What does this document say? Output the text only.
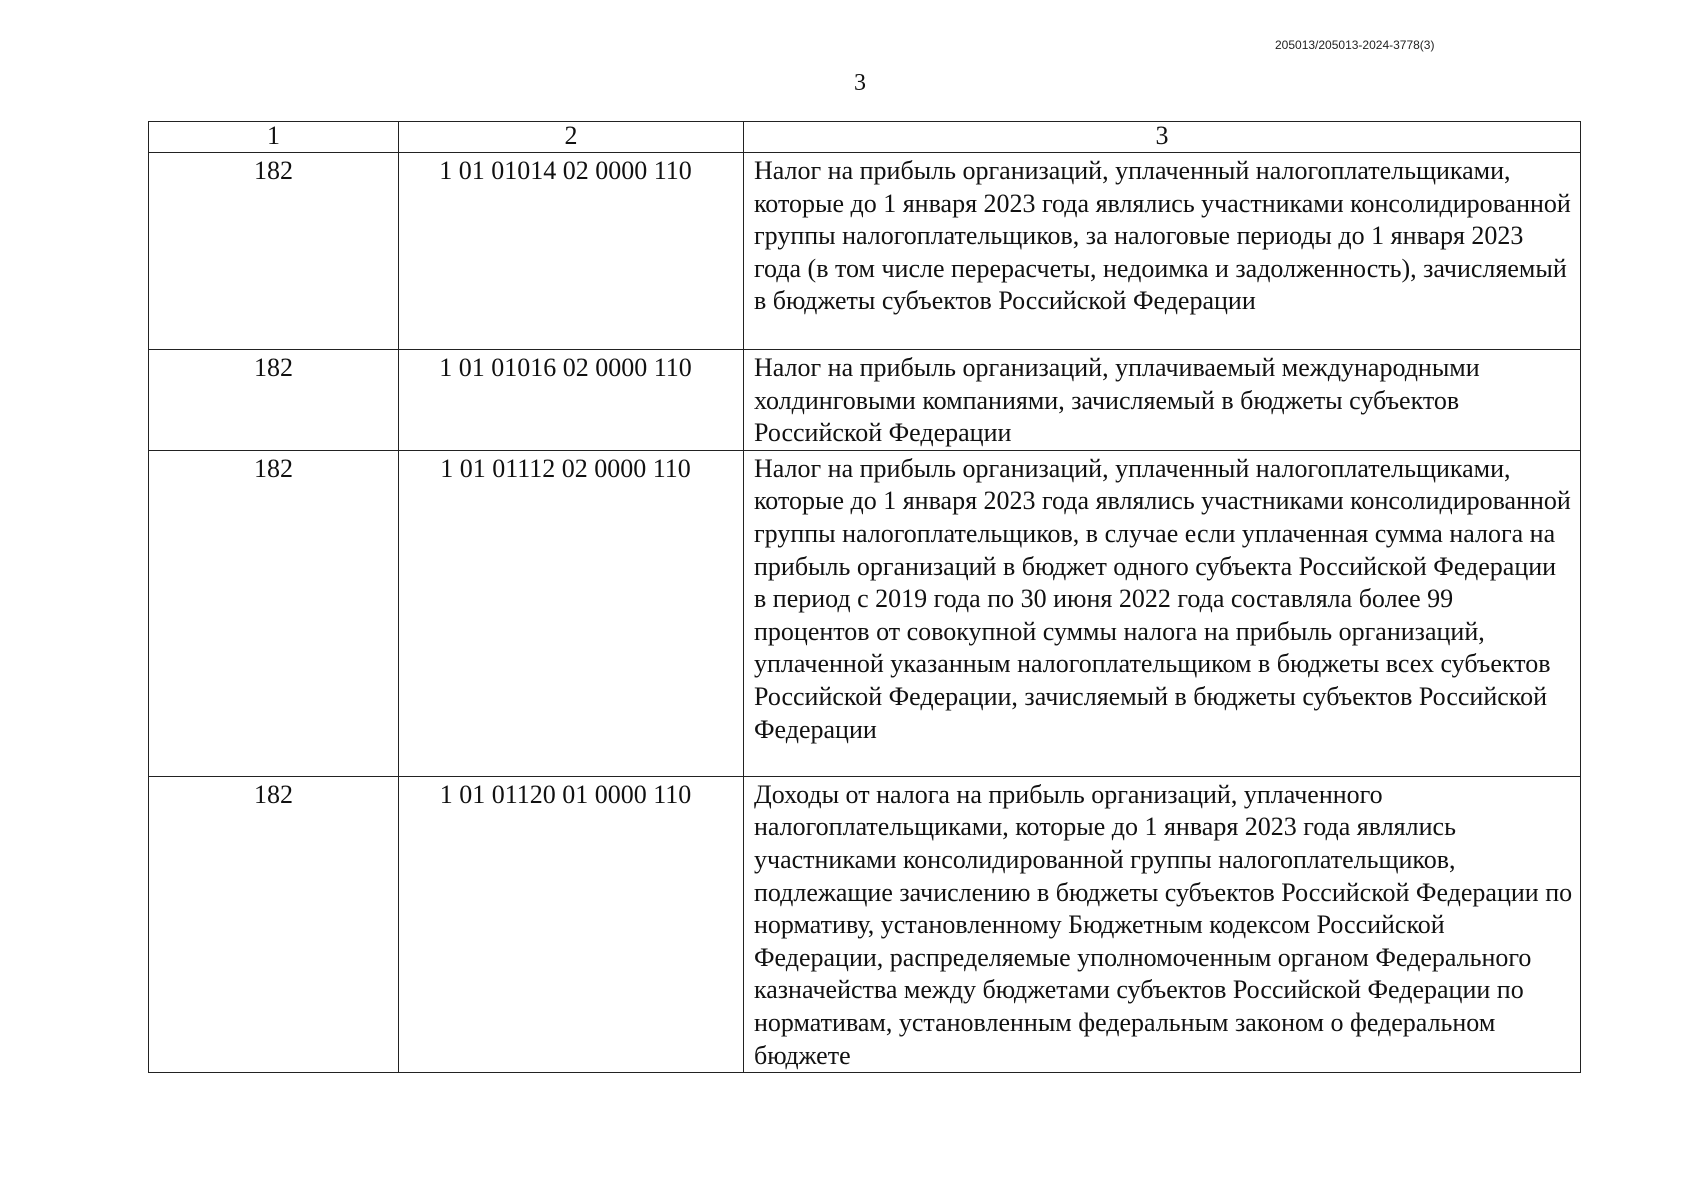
205013/205013-2024-3778(3)
3
1	2	3
182	1 01 01014 02 0000 110	Налог на прибыль организаций, уплаченный налогоплательщиками, которые до 1 января 2023 года являлись участниками консолидированной группы налогоплательщиков, за налоговые периоды до 1 января 2023 года (в том числе перерасчеты, недоимка и задолженность), зачисляемый в бюджеты субъектов Российской Федерации
182	1 01 01016 02 0000 110	Налог на прибыль организаций, уплачиваемый международными холдинговыми компаниями, зачисляемый в бюджеты субъектов Российской Федерации
182	1 01 01112 02 0000 110	Налог на прибыль организаций, уплаченный налогоплательщиками, которые до 1 января 2023 года являлись участниками консолидированной группы налогоплательщиков, в случае если уплаченная сумма налога на прибыль организаций в бюджет одного субъекта Российской Федерации в период с 2019 года по 30 июня 2022 года составляла более 99 процентов от совокупной суммы налога на прибыль организаций, уплаченной указанным налогоплательщиком в бюджеты всех субъектов Российской Федерации, зачисляемый в бюджеты субъектов Российской Федерации
182	1 01 01120 01 0000 110	Доходы от налога на прибыль организаций, уплаченного налогоплательщиками, которые до 1 января 2023 года являлись участниками консолидированной группы налогоплательщиков, подлежащие зачислению в бюджеты субъектов Российской Федерации по нормативу, установленному Бюджетным кодексом Российской Федерации, распределяемые уполномоченным органом Федерального казначейства между бюджетами субъектов Российской Федерации по нормативам, установленным федеральным законом о федеральном бюджете
